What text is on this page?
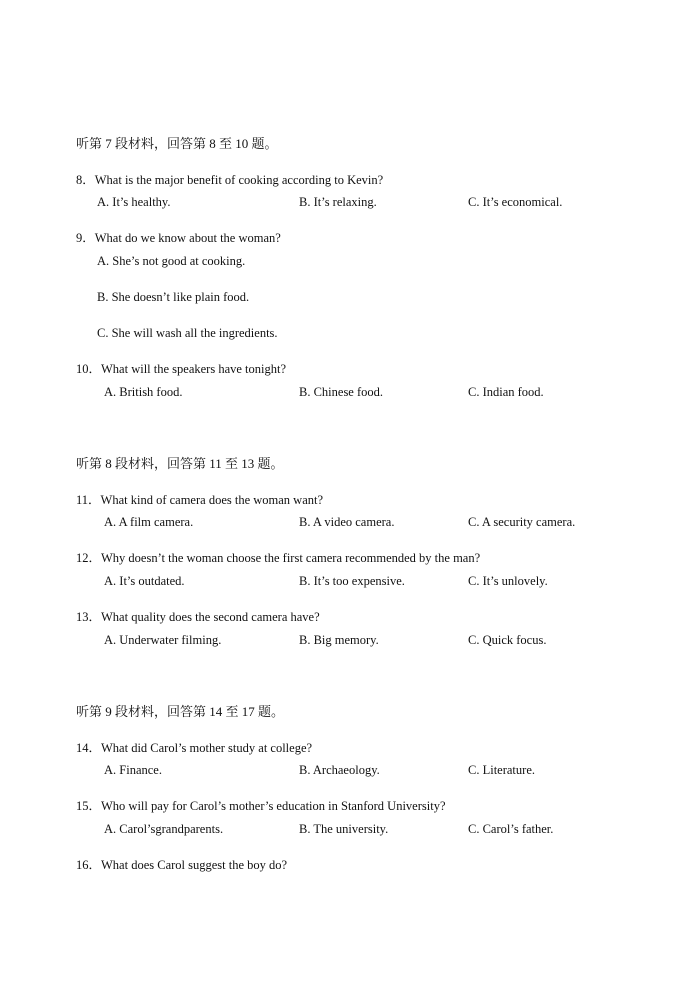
听第 7 段材料，回答第 8 至 10 题。
8．What is the major benefit of cooking according to Kevin?
A. It’s healthy.	B. It’s relaxing.	C. It’s economical.
9．What do we know about the woman?
A. She’s not good at cooking.
B. She doesn’t like plain food.
C. She will wash all the ingredients.
10．What will the speakers have tonight?
A. British food.	B. Chinese food.	C. Indian food.
听第 8 段材料，回答第 11 至 13 题。
11．What kind of camera does the woman want?
A. A film camera.	B. A video camera.	C. A security camera.
12．Why doesn’t the woman choose the first camera recommended by the man?
A. It’s outdated.	B. It’s too expensive.	C. It’s unlovely.
13．What quality does the second camera have?
A. Underwater filming.	B. Big memory.	C. Quick focus.
听第 9 段材料，回答第 14 至 17 题。
14．What did Carol’s mother study at college?
A. Finance.	B. Archaeology.	C. Literature.
15．Who will pay for Carol’s mother’s education in Stanford University?
A. Carol’sgrandparents.	B. The university.	C. Carol’s father.
16．What does Carol suggest the boy do?
